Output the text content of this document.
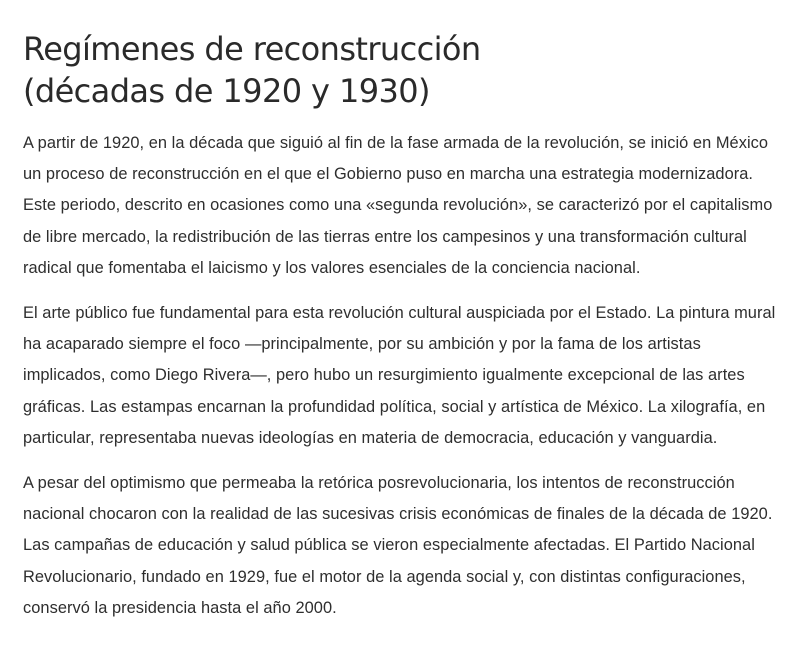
Regímenes de reconstrucción
(décadas de 1920 y 1930)

A partir de 1920, en la década que siguió al fin de la fase armada de la revolución, se inició en México un proceso de reconstrucción en el que el Gobierno puso en marcha una estrategia modernizadora. Este periodo, descrito en ocasiones como una «segunda revolución», se caracterizó por el capitalismo de libre mercado, la redistribución de las tierras entre los campesinos y una transformación cultural radical que fomentaba el laicismo y los valores esenciales de la conciencia nacional.

El arte público fue fundamental para esta revolución cultural auspiciada por el Estado. La pintura mural ha acaparado siempre el foco —principalmente, por su ambición y por la fama de los artistas implicados, como Diego Rivera—, pero hubo un resurgimiento igualmente excepcional de las artes gráficas. Las estampas encarnan la profundidad política, social y artística de México. La xilografía, en particular, representaba nuevas ideologías en materia de democracia, educación y vanguardia.

A pesar del optimismo que permeaba la retórica posrevolucionaria, los intentos de reconstrucción nacional chocaron con la realidad de las sucesivas crisis económicas de finales de la década de 1920. Las campañas de educación y salud pública se vieron especialmente afectadas. El Partido Nacional Revolucionario, fundado en 1929, fue el motor de la agenda social y, con distintas configuraciones, conservó la presidencia hasta el año 2000.
